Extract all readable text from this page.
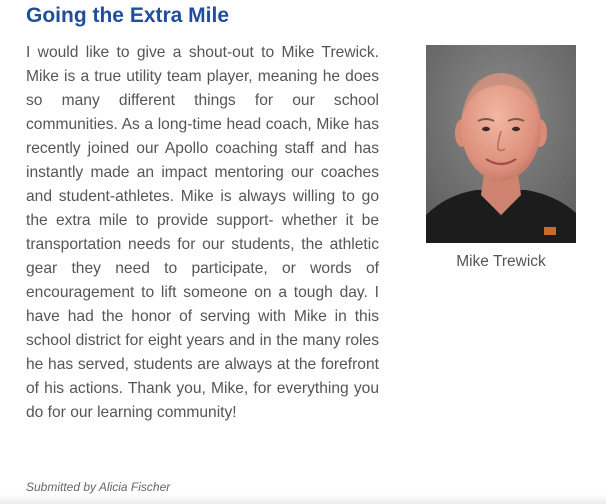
Going the Extra Mile

I would like to give a shout-out to Mike Trewick. Mike is a true utility team player, meaning he does so many different things for our school communities. As a long-time head coach, Mike has recently joined our Apollo coaching staff and has instantly made an impact mentoring our coaches and student-athletes. Mike is always willing to go the extra mile to provide support- whether it be transportation needs for our students, the athletic gear they need to participate, or words of encouragement to lift someone on a tough day. I have had the honor of serving with Mike in this school district for eight years and in the many roles he has served, students are always at the forefront of his actions. Thank you, Mike, for everything you do for our learning community!

Mike Trewick

Submitted by Alicia Fischer
